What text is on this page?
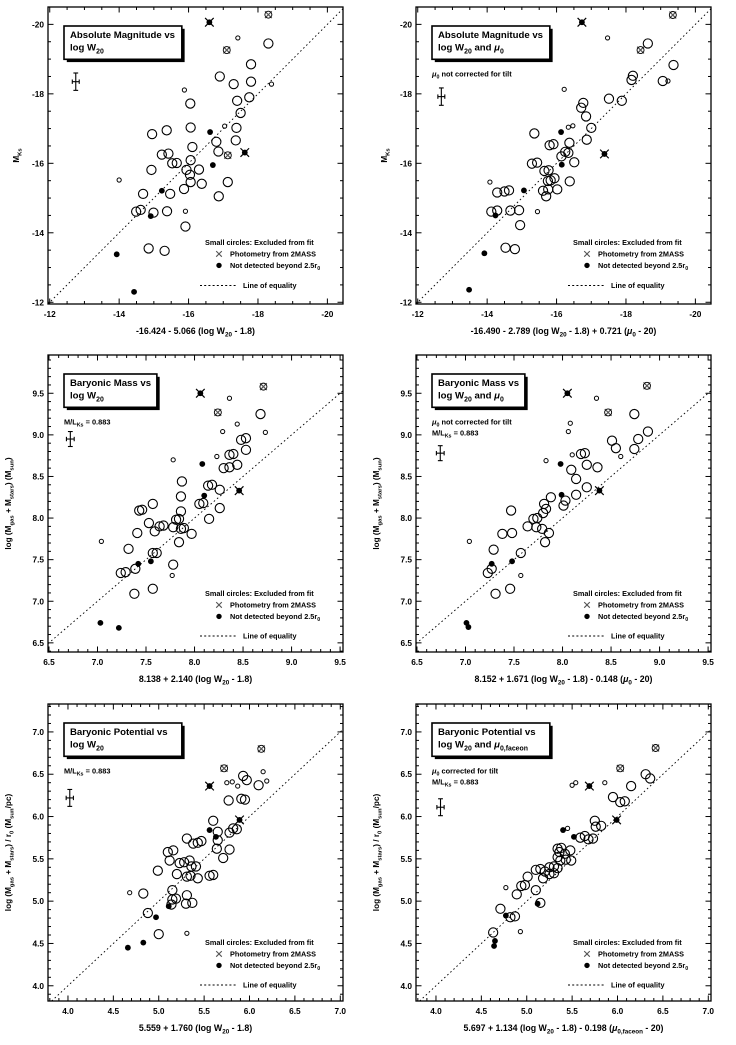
-12
-12
-14
-14
-16
-16
-18
-18
-20
-20
Absolute Magnitude vs
$\log W_{20}$
Small circles: Excluded from fit
Photometry from 2MASS
Not detected beyond $2.5r_0$
Line of equality
-16.424 - 5.066 (log $W_{20} - 1.8$)
$M_{Ks}$
-12
-12
-14
-14
-16
-16
-18
-18
-20
-20
Absolute Magnitude vs
$\log W_{20}$ and $\mu_0$
$\mu_0$ not corrected for tilt
Small circles: Excluded from fit
Photometry from 2MASS
Not detected beyond $2.5r_0$
Line of equality
-16.490 - 2.789 (log $W_{20} - 1.8) + 0.721$ $(\mu_0 - 20)$
$M_{Ks}$
6.5
6.5
7.0
7.0
7.5
7.5
8.0
8.0
8.5
8.5
9.0
9.0
9.5
9.5
Baryonic Mass vs
$\log W_{20}$
$M/L_{Ks} = 0.883$
Small circles: Excluded from fit
Photometry from 2MASS
Not detected beyond $2.5r_0$
Line of equality
8.138 + 2.140 (log $W_{20} - 1.8$)
$\log (M_{gas} + M_{stars})$ $(M_{sun})$
6.5
6.5
7.0
7.0
7.5
7.5
8.0
8.0
8.5
8.5
9.0
9.0
9.5
9.5
Baryonic Mass vs
$\log W_{20}$ and $\mu_0$
$\mu_0$ not corrected for tilt
$M/L_{Ks} = 0.883$
Small circles: Excluded from fit
Photometry from 2MASS
Not detected beyond $2.5r_0$
Line of equality
8.152 + 1.671 (log $W_{20} - 1.8) - 0.148$ $(\mu_0 - 20)$
$\log (M_{gas} + M_{stars})$ $(M_{sun})$
4.0
4.0
4.5
4.5
5.0
5.0
5.5
5.5
6.0
6.0
6.5
6.5
7.0
7.0	Baryonic Potential vs
$\log W_{20}$
$M/L_{Ks} = 0.883$
Small circles: Excluded from fit
Photometry from 2MASS
Not detected beyond $2.5r_0$
Line of equality
5.559 + 1.760 (log $W_{20} - 1.8$)
$\log (M_{gas} + M_{stars}) / r_0$ $(M_{sun}/pc)$
4.0
4.0
4.5
4.5
5.0
5.0
5.5
5.5
6.0
6.0
6.5
6.5
7.0
7.0	Baryonic Potential vs
$\log W_{20}$ and $\mu_{0,faceon}$
$\mu_0$ corrected for tilt
$M/L_{Ks} = 0.883$
Small circles: Excluded from fit
Photometry from 2MASS
Not detected beyond $2.5r_0$
Line of equality
5.697 + 1.134 (log $W_{20} - 1.8) - 0.198$ $(\mu_{0,faceon} - 20)$
$\log (M_{gas} + M_{stars}) / r_0$ $(M_{sun}/pc)$
